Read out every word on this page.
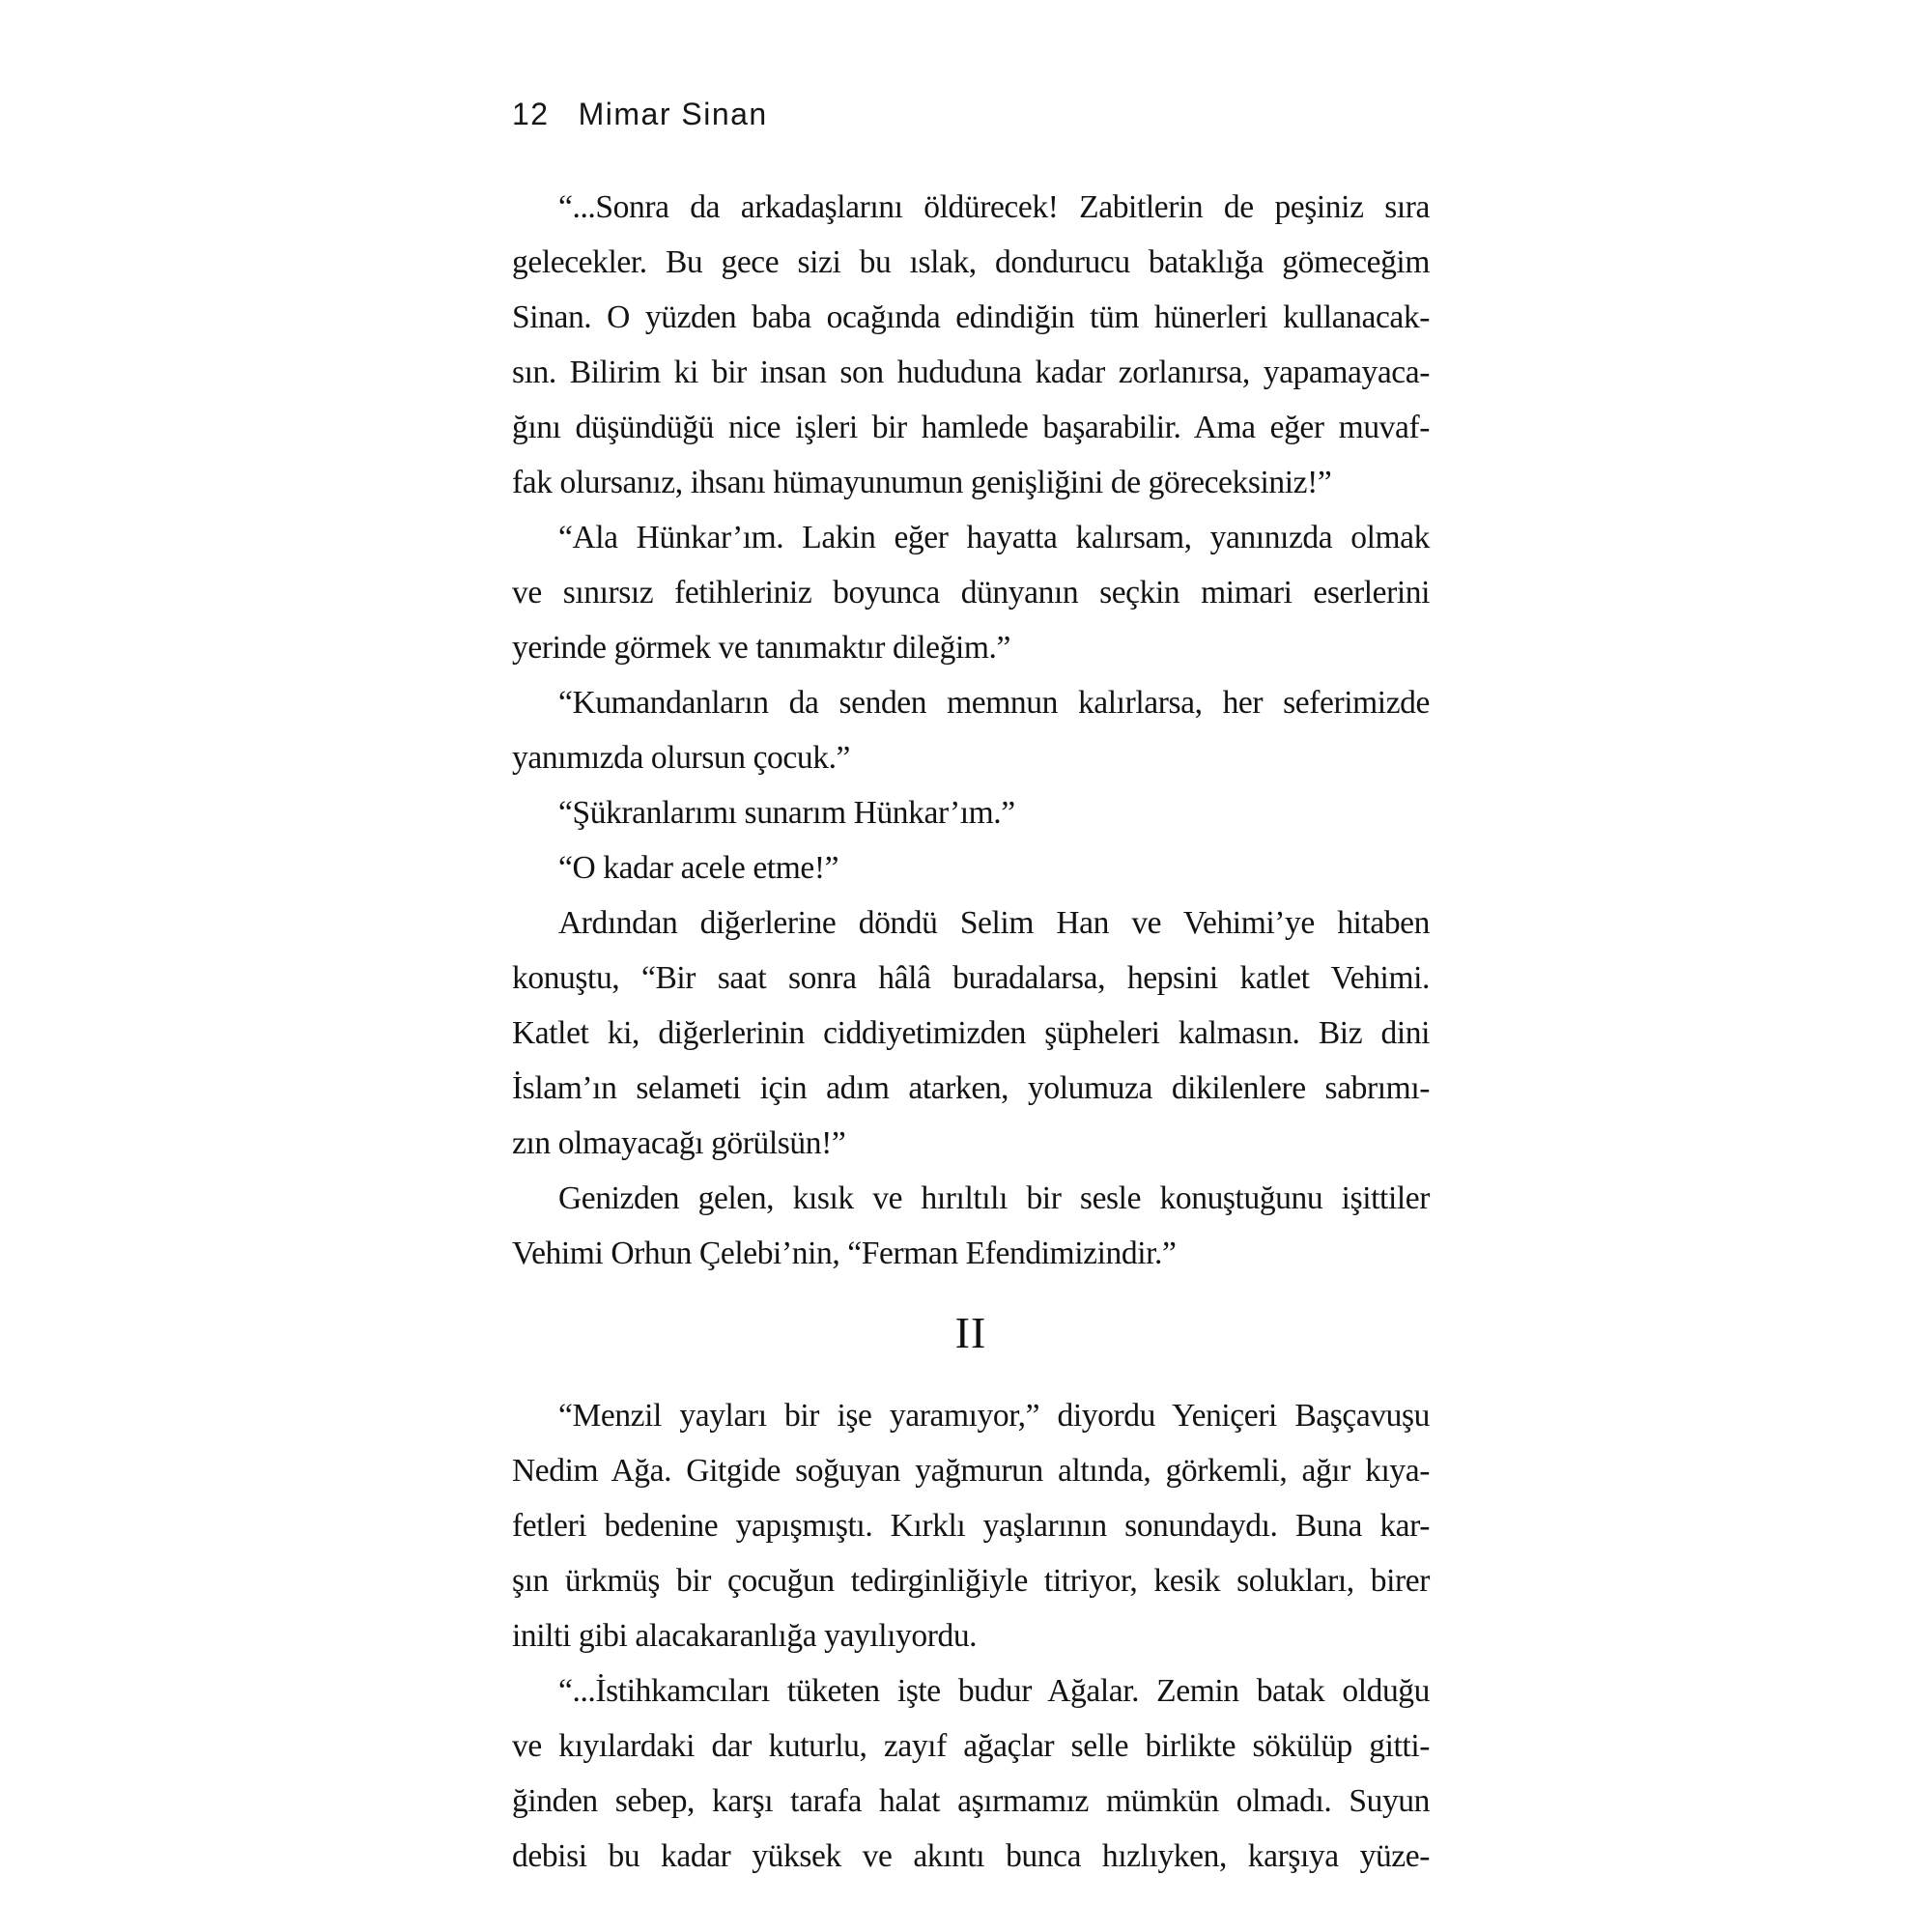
12 Mimar Sinan
“...Sonra da arkadaşlarını öldürecek! Zabitlerin de peşiniz sıra
gelecekler. Bu gece sizi bu ıslak, dondurucu bataklığa gömeceğim
Sinan. O yüzden baba ocağında edindiğin tüm hünerleri kullanacak-
sın. Bilirim ki bir insan son hududuna kadar zorlanırsa, yapamayaca-
ğını düşündüğü nice işleri bir hamlede başarabilir. Ama eğer muvaf-
fak olursanız, ihsanı hümayunumun genişliğini de göreceksiniz!”
“Ala Hünkar’ım. Lakin eğer hayatta kalırsam, yanınızda olmak
ve sınırsız fetihleriniz boyunca dünyanın seçkin mimari eserlerini
yerinde görmek ve tanımaktır dileğim.”
“Kumandanların da senden memnun kalırlarsa, her seferimizde
yanımızda olursun çocuk.”
“Şükranlarımı sunarım Hünkar’ım.”
“O kadar acele etme!”
Ardından diğerlerine döndü Selim Han ve Vehimi’ye hitaben
konuştu, “Bir saat sonra hâlâ buradalarsa, hepsini katlet Vehimi.
Katlet ki, diğerlerinin ciddiyetimizden şüpheleri kalmasın. Biz dini
İslam’ın selameti için adım atarken, yolumuza dikilenlere sabrımı-
zın olmayacağı görülsün!”
Genizden gelen, kısık ve hırıltılı bir sesle konuştuğunu işittiler
Vehimi Orhun Çelebi’nin, “Ferman Efendimizindir.”
II
“Menzil yayları bir işe yaramıyor,” diyordu Yeniçeri Başçavuşu
Nedim Ağa. Gitgide soğuyan yağmurun altında, görkemli, ağır kıya-
fetleri bedenine yapışmıştı. Kırklı yaşlarının sonundaydı. Buna kar-
şın ürkmüş bir çocuğun tedirginliğiyle titriyor, kesik solukları, birer
inilti gibi alacakaranlığa yayılıyordu.
“...İstihkamcıları tüketen işte budur Ağalar. Zemin batak olduğu
ve kıyılardaki dar kuturlu, zayıf ağaçlar selle birlikte sökülüp gitti-
ğinden sebep, karşı tarafa halat aşırmamız mümkün olmadı. Suyun
debisi bu kadar yüksek ve akıntı bunca hızlıyken, karşıya yüze-
